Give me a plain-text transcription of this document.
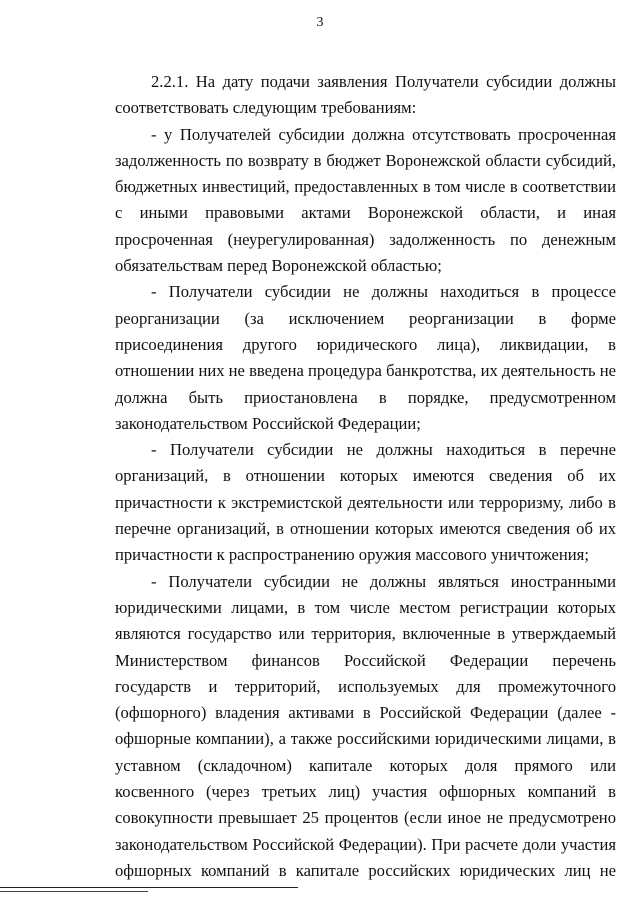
3

2.2.1. На дату подачи заявления Получатели субсидии должны соответствовать следующим требованиям:

- у Получателей субсидии должна отсутствовать просроченная задолженность по возврату в бюджет Воронежской области субсидий, бюджетных инвестиций, предоставленных в том числе в соответствии с иными правовыми актами Воронежской области, и иная просроченная (неурегулированная) задолженность по денежным обязательствам перед Воронежской областью;

- Получатели субсидии не должны находиться в процессе реорганизации (за исключением реорганизации в форме присоединения другого юридического лица), ликвидации, в отношении них не введена процедура банкротства, их деятельность не должна быть приостановлена в порядке, предусмотренном законодательством Российской Федерации;

- Получатели субсидии не должны находиться в перечне организаций, в отношении которых имеются сведения об их причастности к экстремистской деятельности или терроризму, либо в перечне организаций, в отношении которых имеются сведения об их причастности к распространению оружия массового уничтожения;

- Получатели субсидии не должны являться иностранными юридическими лицами, в том числе местом регистрации которых являются государство или территория, включенные в утверждаемый Министерством финансов Российской Федерации перечень государств и территорий, используемых для промежуточного (офшорного) владения активами в Российской Федерации (далее - офшорные компании), а также российскими юридическими лицами, в уставном (складочном) капитале которых доля прямого или косвенного (через третьих лиц) участия офшорных компаний в совокупности превышает 25 процентов (если иное не предусмотрено законодательством Российской Федерации). При расчете доли участия офшорных компаний в капитале российских юридических лиц не
